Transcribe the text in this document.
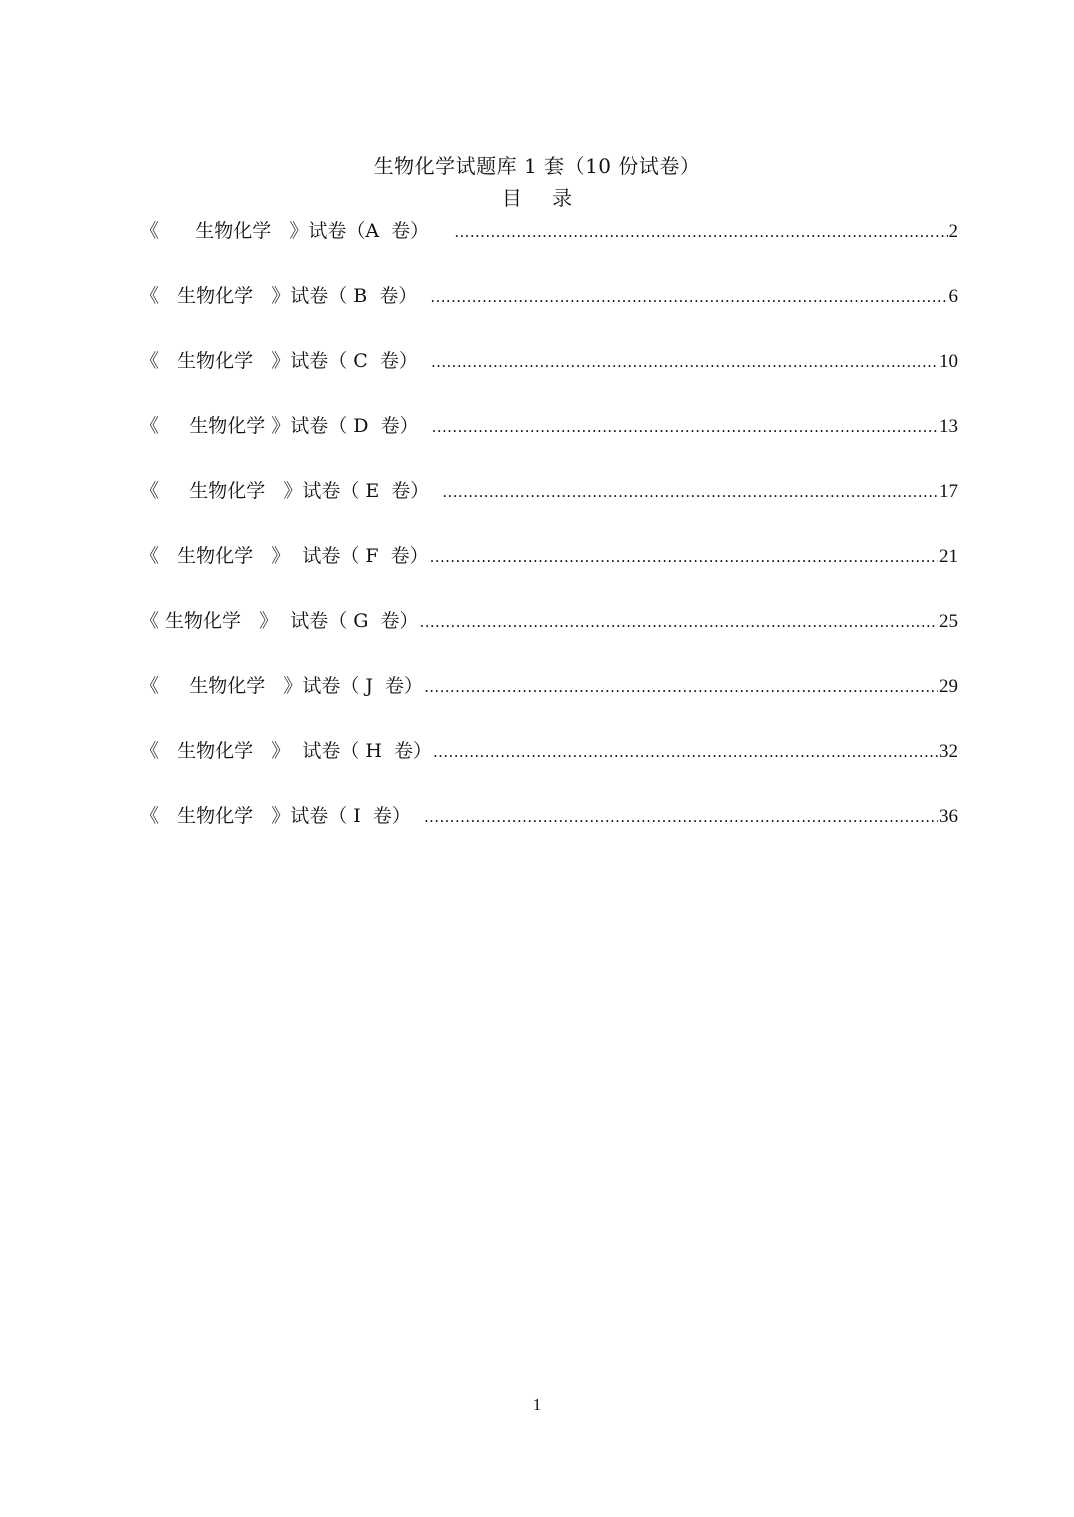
生物化学试题库 1 套（10 份试卷）
目 录
《      生物化学   》试卷（A  卷） .....	2
《   生物化学   》试卷（ B  卷） .....	6
《   生物化学   》试卷（ C  卷） .....	10
《     生物化学 》试卷（ D  卷） .....	13
《     生物化学   》试卷（ E  卷） .....	17
《   生物化学   》  试卷（ F  卷） .....	21
《 生物化学   》  试卷（ G  卷） .....	25
《     生物化学   》试卷（ J  卷） .....	29
《   生物化学   》  试卷（ H  卷） .....	32
《   生物化学   》试卷（ I  卷） .....	36
1
